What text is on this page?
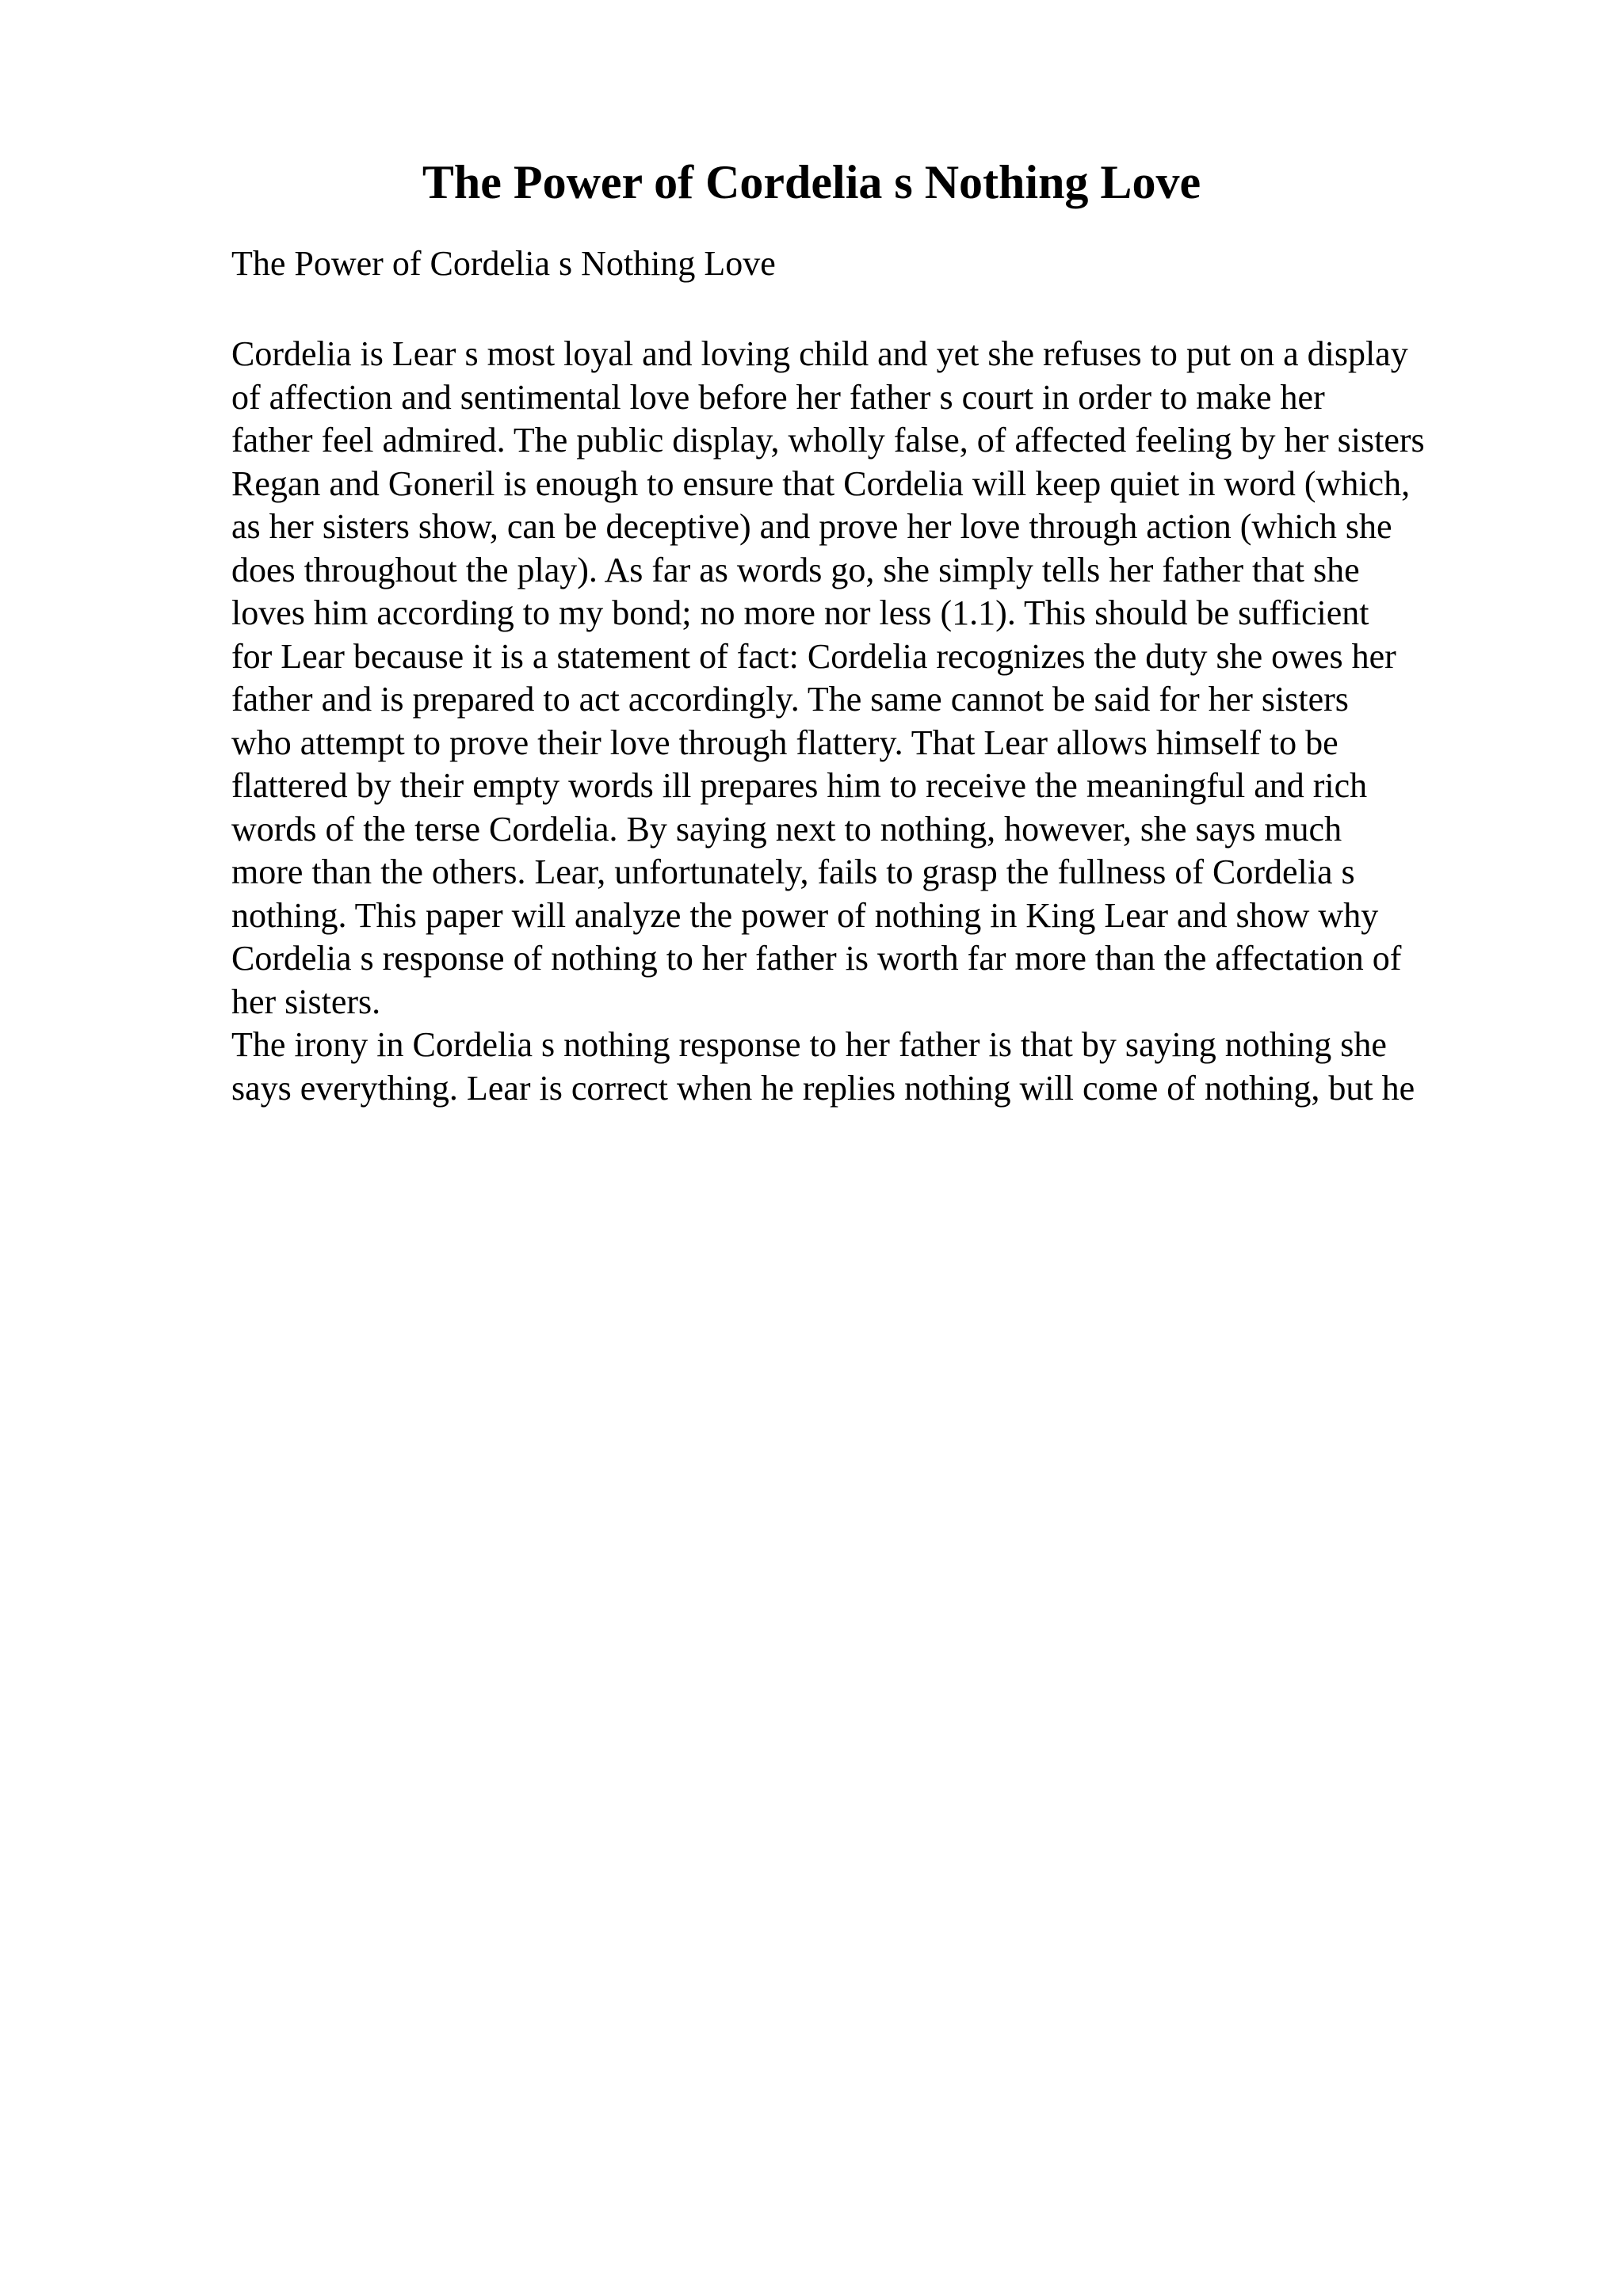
The Power of Cordelia s Nothing Love

The Power of Cordelia s Nothing Love

Cordelia is Lear s most loyal and loving child and yet she refuses to put on a display
of affection and sentimental love before her father s court in order to make her
father feel admired. The public display, wholly false, of affected feeling by her sisters
Regan and Goneril is enough to ensure that Cordelia will keep quiet in word (which,
as her sisters show, can be deceptive) and prove her love through action (which she
does throughout the play). As far as words go, she simply tells her father that she
loves him according to my bond; no more nor less (1.1). This should be sufficient
for Lear because it is a statement of fact: Cordelia recognizes the duty she owes her
father and is prepared to act accordingly. The same cannot be said for her sisters
who attempt to prove their love through flattery. That Lear allows himself to be
flattered by their empty words ill prepares him to receive the meaningful and rich
words of the terse Cordelia. By saying next to nothing, however, she says much
more than the others. Lear, unfortunately, fails to grasp the fullness of Cordelia s
nothing. This paper will analyze the power of nothing in King Lear and show why
Cordelia s response of nothing to her father is worth far more than the affectation of
her sisters.
The irony in Cordelia s nothing response to her father is that by saying nothing she
says everything. Lear is correct when he replies nothing will come of nothing, but he
